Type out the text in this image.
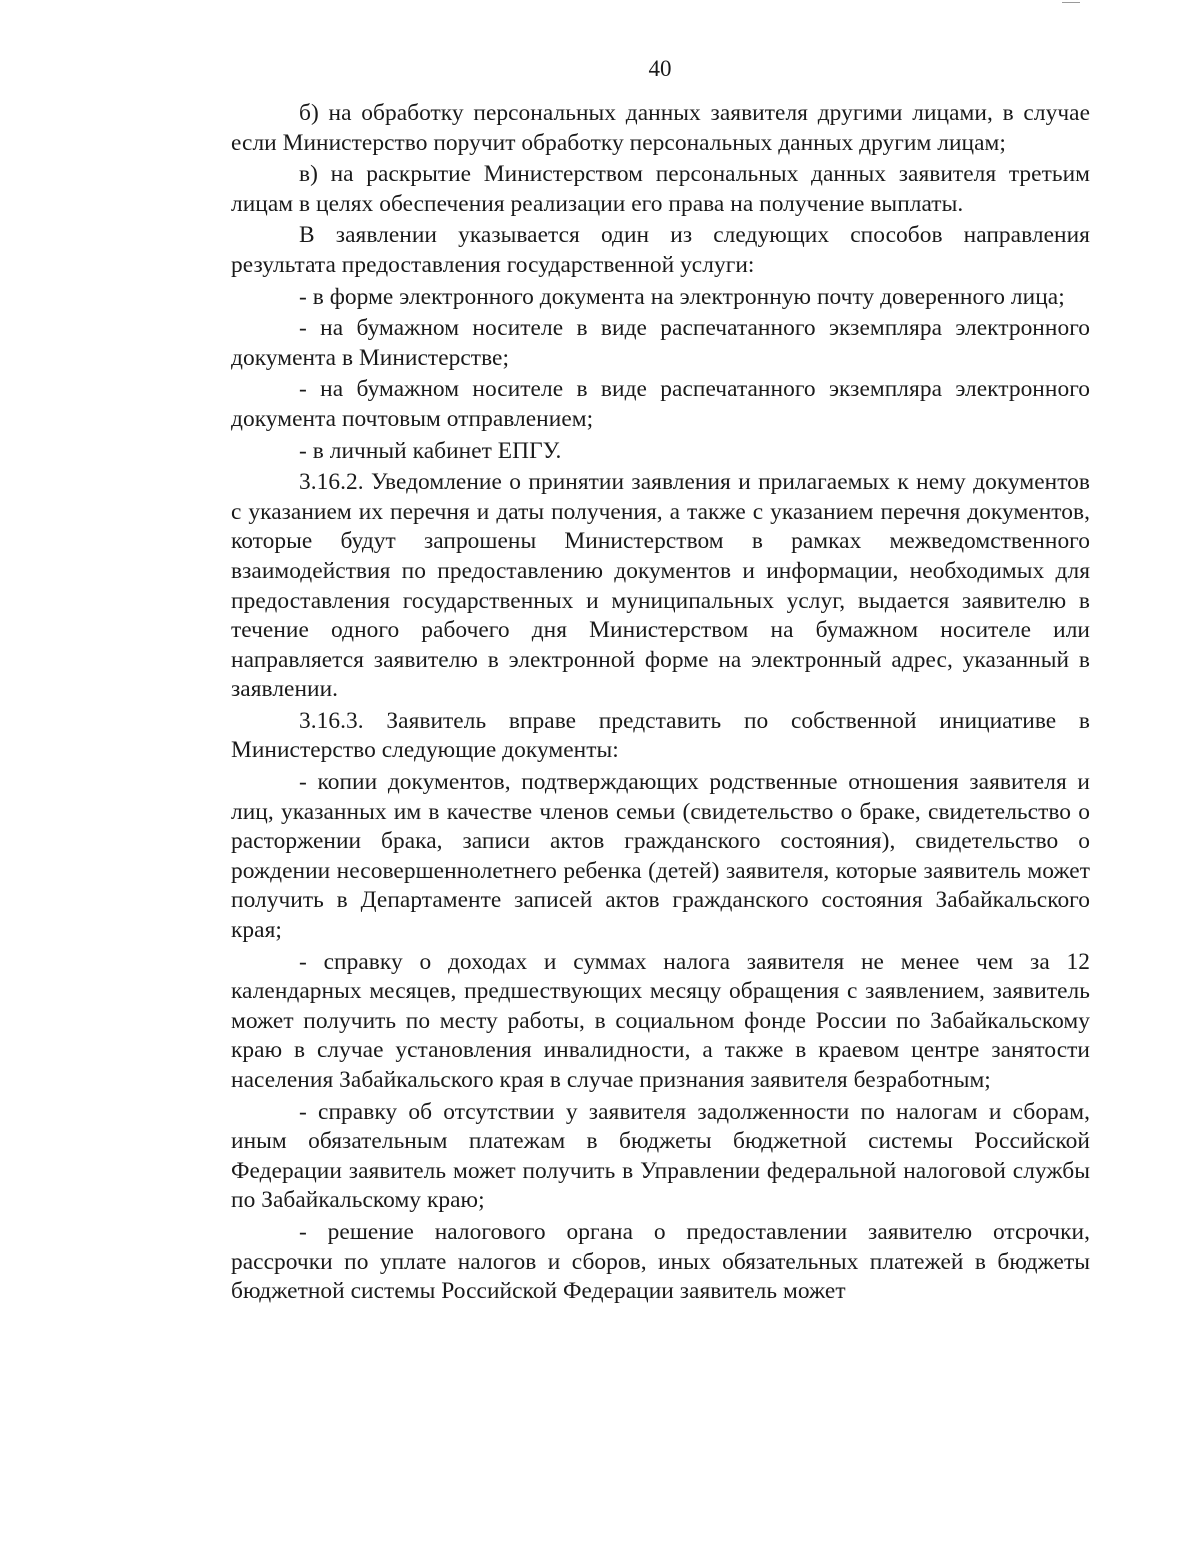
40

б) на обработку персональных данных заявителя другими лицами, в случае если Министерство поручит обработку персональных данных другим лицам;

в) на раскрытие Министерством персональных данных заявителя третьим лицам в целях обеспечения реализации его права на получение выплаты.

В заявлении указывается один из следующих способов направления результата предоставления государственной услуги:

- в форме электронного документа на электронную почту доверенного лица;

- на бумажном носителе в виде распечатанного экземпляра электронного документа в Министерстве;

- на бумажном носителе в виде распечатанного экземпляра электронного документа почтовым отправлением;

- в личный кабинет ЕПГУ.

3.16.2. Уведомление о принятии заявления и прилагаемых к нему документов с указанием их перечня и даты получения, а также с указанием перечня документов, которые будут запрошены Министерством в рамках межведомственного взаимодействия по предоставлению документов и информации, необходимых для предоставления государственных и муниципальных услуг, выдается заявителю в течение одного рабочего дня Министерством на бумажном носителе или направляется заявителю в электронной форме на электронный адрес, указанный в заявлении.

3.16.3. Заявитель вправе представить по собственной инициативе в Министерство следующие документы:

- копии документов, подтверждающих родственные отношения заявителя и лиц, указанных им в качестве членов семьи (свидетельство о браке, свидетельство о расторжении брака, записи актов гражданского состояния), свидетельство о рождении несовершеннолетнего ребенка (детей) заявителя, которые заявитель может получить в Департаменте записей актов гражданского состояния Забайкальского края;

- справку о доходах и суммах налога заявителя не менее чем за 12 календарных месяцев, предшествующих месяцу обращения с заявлением, заявитель может получить по месту работы, в социальном фонде России по Забайкальскому краю в случае установления инвалидности, а также в краевом центре занятости населения Забайкальского края в случае признания заявителя безработным;

- справку об отсутствии у заявителя задолженности по налогам и сборам, иным обязательным платежам в бюджеты бюджетной системы Российской Федерации заявитель может получить в Управлении федеральной налоговой службы по Забайкальскому краю;

- решение налогового органа о предоставлении заявителю отсрочки, рассрочки по уплате налогов и сборов, иных обязательных платежей в бюджеты бюджетной системы Российской Федерации заявитель может
